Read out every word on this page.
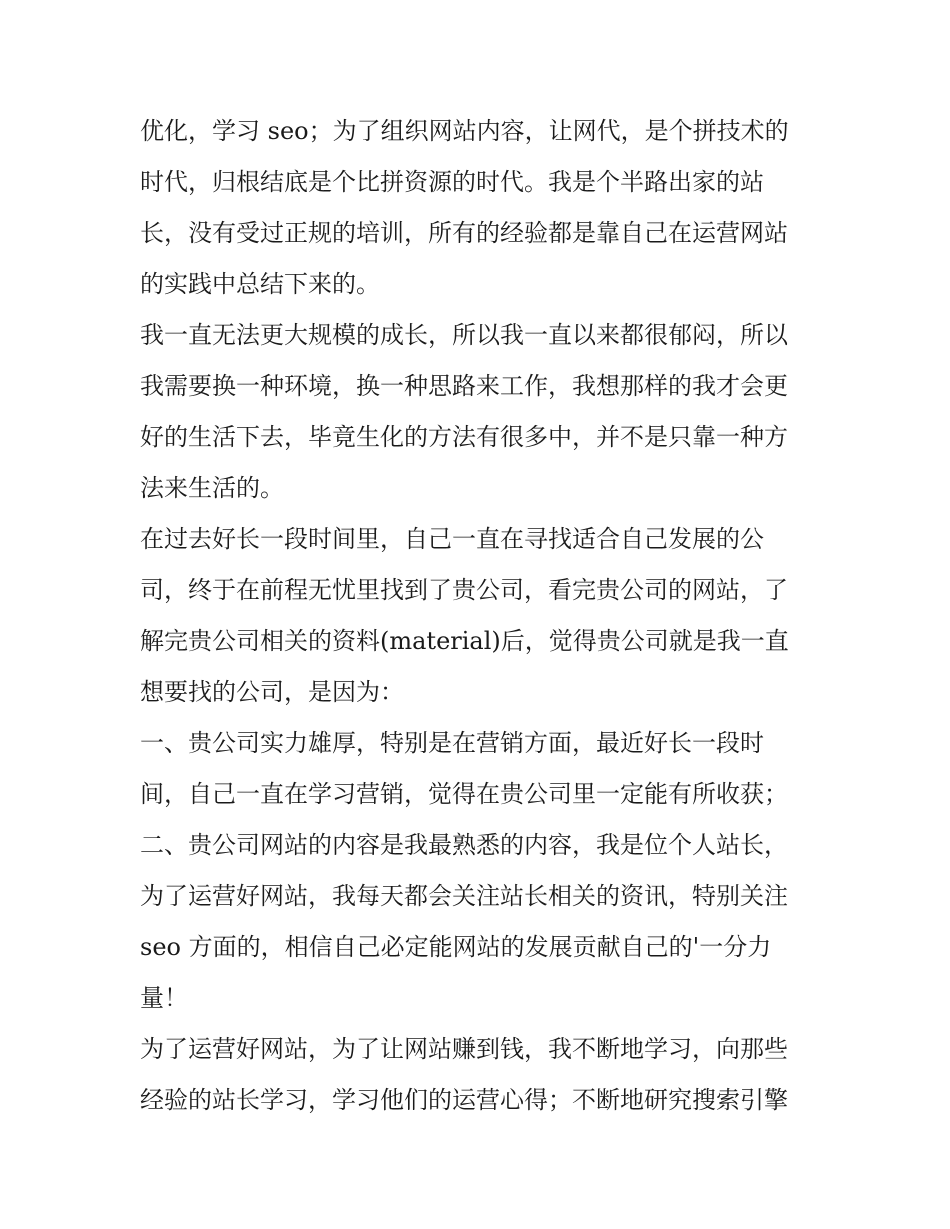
优化，学习 seo；为了组织网站内容，让网代，是个拼技术的
时代，归根结底是个比拼资源的时代。我是个半路出家的站
长，没有受过正规的培训，所有的经验都是靠自己在运营网站
的实践中总结下来的。
我一直无法更大规模的成长，所以我一直以来都很郁闷，所以
我需要换一种环境，换一种思路来工作，我想那样的我才会更
好的生活下去，毕竟生化的方法有很多中，并不是只靠一种方
法来生活的。
在过去好长一段时间里，自己一直在寻找适合自己发展的公
司，终于在前程无忧里找到了贵公司，看完贵公司的网站，了
解完贵公司相关的资料(material)后，觉得贵公司就是我一直
想要找的公司，是因为：
一、贵公司实力雄厚，特别是在营销方面，最近好长一段时
间，自己一直在学习营销，觉得在贵公司里一定能有所收获；
二、贵公司网站的内容是我最熟悉的内容，我是位个人站长，
为了运营好网站，我每天都会关注站长相关的资讯，特别关注
seo 方面的，相信自己必定能网站的发展贡献自己的'一分力
量！
为了运营好网站，为了让网站赚到钱，我不断地学习，向那些
经验的站长学习，学习他们的运营心得；不断地研究搜索引擎
